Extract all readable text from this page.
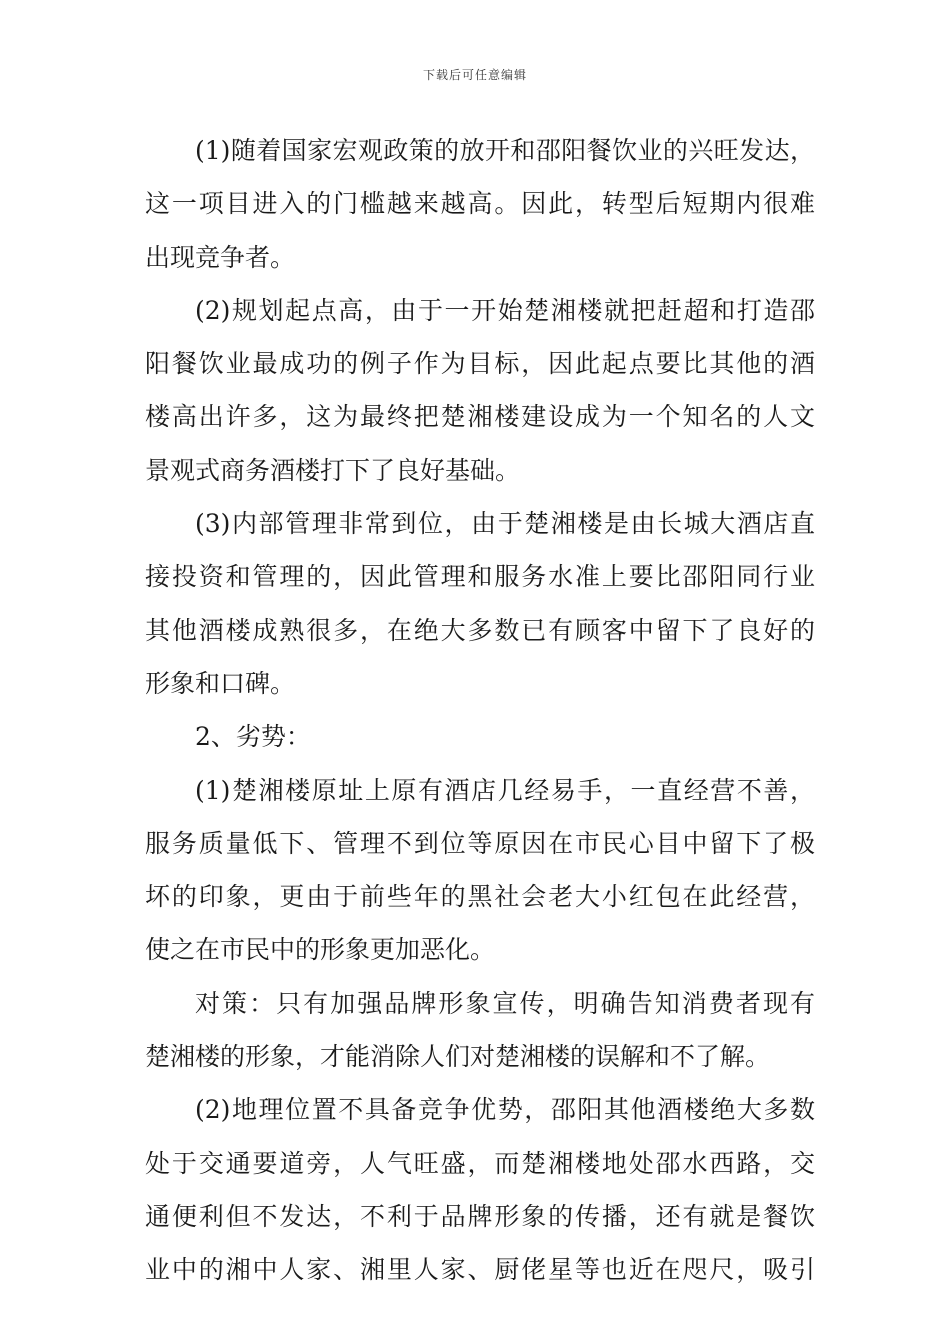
下载后可任意编辑
(1)随着国家宏观政策的放开和邵阳餐饮业的兴旺发达，
这一项目进入的门槛越来越高。因此，转型后短期内很难
出现竞争者。
(2)规划起点高，由于一开始楚湘楼就把赶超和打造邵
阳餐饮业最成功的例子作为目标，因此起点要比其他的酒
楼高出许多，这为最终把楚湘楼建设成为一个知名的人文
景观式商务酒楼打下了良好基础。
(3)内部管理非常到位，由于楚湘楼是由长城大酒店直
接投资和管理的，因此管理和服务水准上要比邵阳同行业
其他酒楼成熟很多，在绝大多数已有顾客中留下了良好的
形象和口碑。
2、劣势：
(1)楚湘楼原址上原有酒店几经易手，一直经营不善，
服务质量低下、管理不到位等原因在市民心目中留下了极
坏的印象，更由于前些年的黑社会老大小红包在此经营，
使之在市民中的形象更加恶化。
对策：只有加强品牌形象宣传，明确告知消费者现有
楚湘楼的形象，才能消除人们对楚湘楼的误解和不了解。
(2)地理位置不具备竞争优势，邵阳其他酒楼绝大多数
处于交通要道旁，人气旺盛，而楚湘楼地处邵水西路，交
通便利但不发达，不利于品牌形象的传播，还有就是餐饮
业中的湘中人家、湘里人家、厨佬星等也近在咫尺，吸引
